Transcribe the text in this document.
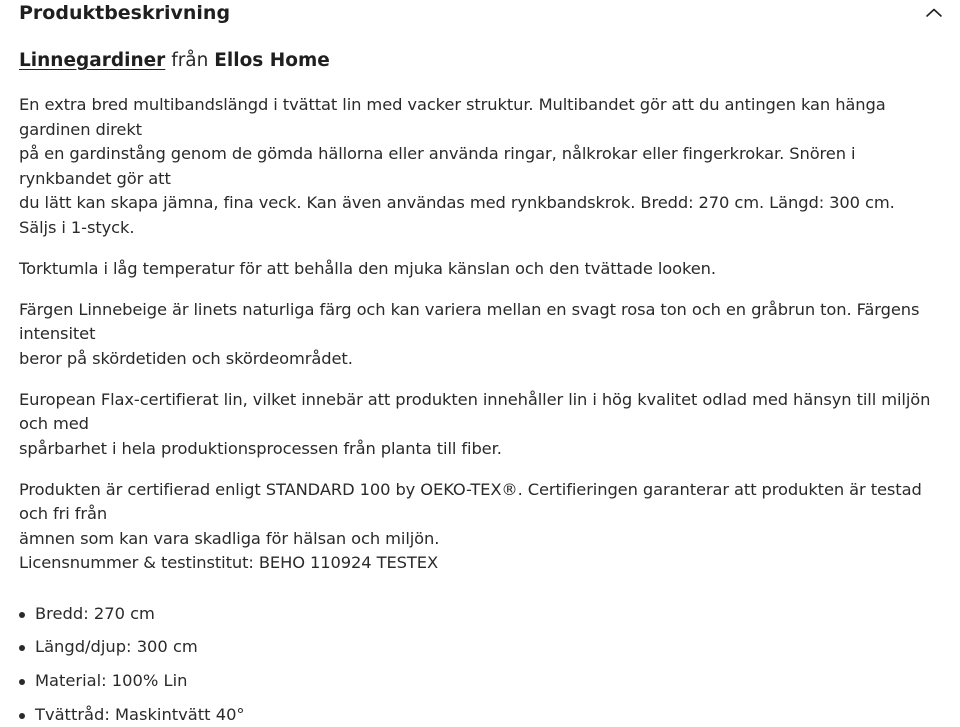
Produktbeskrivning
Linnegardiner från Ellos Home

En extra bred multibandslängd i tvättat lin med vacker struktur. Multibandet gör att du antingen kan hänga gardinen direkt
på en gardinstång genom de gömda hällorna eller använda ringar, nålkrokar eller fingerkrokar. Snören i rynkbandet gör att
du lätt kan skapa jämna, fina veck. Kan även användas med rynkbandskrok. Bredd: 270 cm. Längd: 300 cm.
Säljs i 1-styck.

Torktumla i låg temperatur för att behålla den mjuka känslan och den tvättade looken.

Färgen Linnebeige är linets naturliga färg och kan variera mellan en svagt rosa ton och en gråbrun ton. Färgens intensitet
beror på skördetiden och skördeområdet.

European Flax-certifierat lin, vilket innebär att produkten innehåller lin i hög kvalitet odlad med hänsyn till miljön och med
spårbarhet i hela produktionsprocessen från planta till fiber.

Produkten är certifierad enligt STANDARD 100 by OEKO-TEX®. Certifieringen garanterar att produkten är testad och fri från
ämnen som kan vara skadliga för hälsan och miljön.
Licensnummer & testinstitut: BEHO 110924 TESTEX

Bredd: 270 cm
Längd/djup: 300 cm
Material: 100% Lin
Tvättråd: Maskintvätt 40°
